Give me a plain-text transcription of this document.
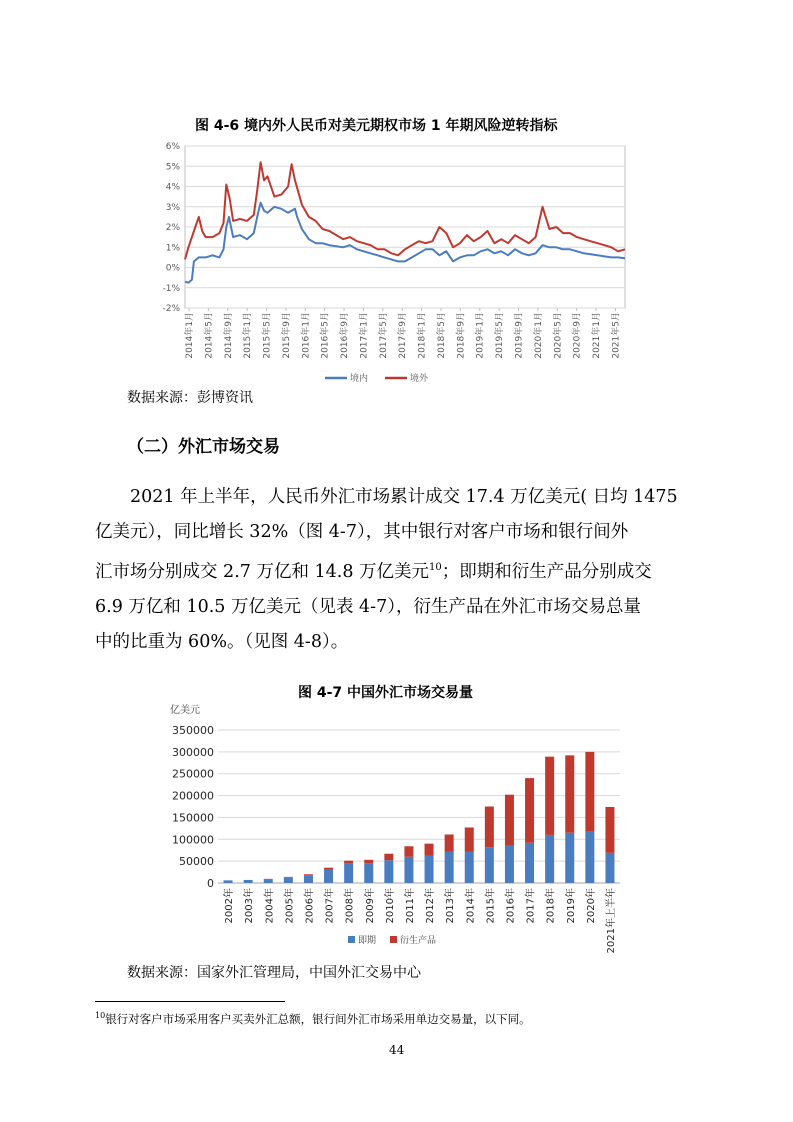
图 4-6 境内外人民币对美元期权市场 1 年期风险逆转指标
6%
5%
4%
3%
2%
1%
0%
-1%
-2%
2014年1月 2014年5月 2014年9月 2015年1月 2015年5月 2015年9月 2016年1月 2016年5月 2016年9月 2017年1月 2017年5月 2017年9月 2018年1月 2018年5月 2018年9月 2019年1月 2019年5月 2019年9月 2020年1月 2020年5月 2020年9月 2021年1月 2021年5月
境内	境外
数据来源：彭博资讯
（二）外汇市场交易

2021 年上半年，人民币外汇市场累计成交 17.4 万亿美元( 日均 1475

亿美元），同比增长 32%（图 4-7），其中银行对客户市场和银行间外

汇市场分别成交 2.7 万亿和 14.8 万亿美元$^{10}$；即期和衍生产品分别成交

6.9 万亿和 10.5 万亿美元（见表 4-7），衍生产品在外汇市场交易总量

中的比重为 60%。（见图 4-8）。

图 4-7 中国外汇市场交易量
亿美元
350000
300000
250000
200000
150000
100000
50000
0
2002年 2003年 2004年 2005年 2006年 2007年 2008年 2009年 2010年 2011年 2012年 2013年 2014年 2015年 2016年 2017年 2018年 2019年 2020年 2021年上半年
即期	衍生产品
数据来源：国家外汇管理局，中国外汇交易中心
$^{10}$银行对客户市场采用客户买卖外汇总额，银行间外汇市场采用单边交易量，以下同。
44
